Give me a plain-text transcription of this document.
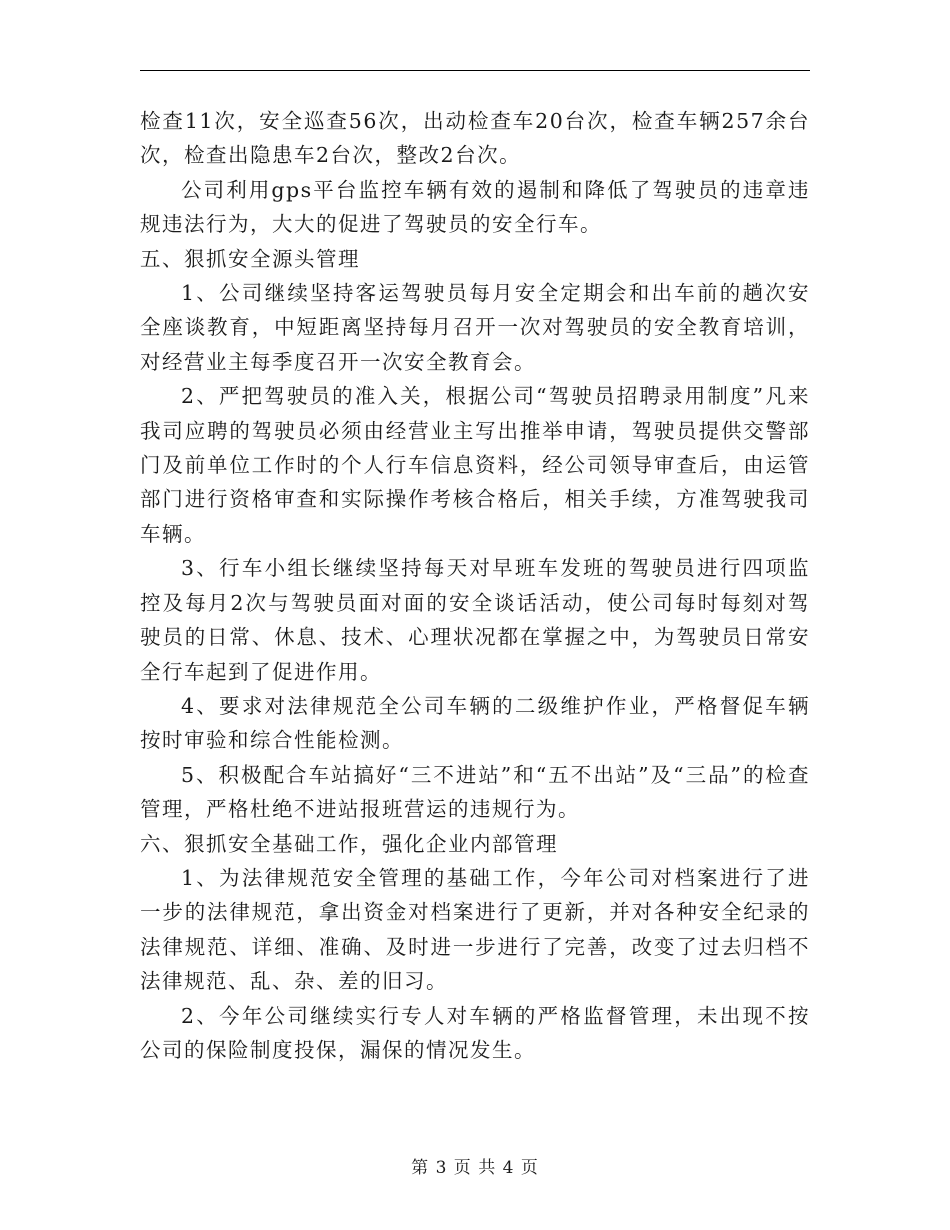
检查11次，安全巡查56次，出动检查车20台次，检查车辆257余台次，检查出隐患车2台次，整改2台次。

公司利用gps平台监控车辆有效的遏制和降低了驾驶员的违章违规违法行为，大大的促进了驾驶员的安全行车。

五、狠抓安全源头管理

1、公司继续坚持客运驾驶员每月安全定期会和出车前的趟次安全座谈教育，中短距离坚持每月召开一次对驾驶员的安全教育培训，对经营业主每季度召开一次安全教育会。

2、严把驾驶员的准入关，根据公司“驾驶员招聘录用制度”凡来我司应聘的驾驶员必须由经营业主写出推举申请，驾驶员提供交警部门及前单位工作时的个人行车信息资料，经公司领导审查后，由运管部门进行资格审查和实际操作考核合格后，相关手续，方准驾驶我司车辆。

3、行车小组长继续坚持每天对早班车发班的驾驶员进行四项监控及每月2次与驾驶员面对面的安全谈话活动，使公司每时每刻对驾驶员的日常、休息、技术、心理状况都在掌握之中，为驾驶员日常安全行车起到了促进作用。

4、要求对法律规范全公司车辆的二级维护作业，严格督促车辆按时审验和综合性能检测。

5、积极配合车站搞好“三不进站”和“五不出站”及“三品”的检查管理，严格杜绝不进站报班营运的违规行为。

六、狠抓安全基础工作，强化企业内部管理

1、为法律规范安全管理的基础工作，今年公司对档案进行了进一步的法律规范，拿出资金对档案进行了更新，并对各种安全纪录的法律规范、详细、准确、及时进一步进行了完善，改变了过去归档不法律规范、乱、杂、差的旧习。

2、今年公司继续实行专人对车辆的严格监督管理，未出现不按公司的保险制度投保，漏保的情况发生。

第 3 页 共 4 页
